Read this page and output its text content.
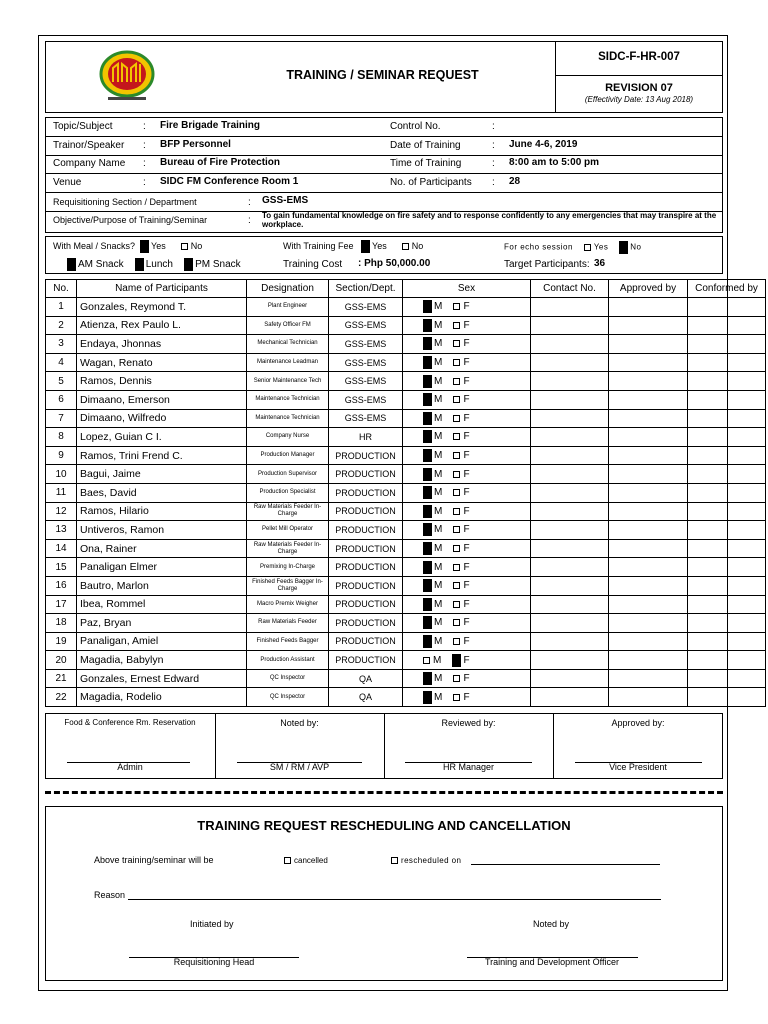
TRAINING / SEMINAR REQUEST
SIDC-F-HR-007
REVISION 07
(Effectivity Date: 13 Aug 2018)
Topic/Subject	: Fire Brigade Training
Trainor/Speaker : BFP Personnel
Company Name : Bureau of Fire Protection
Venue	: SIDC FM Conference Room 1
Requisitioning Section / Department	: GSS-EMS
Objective/Purpose of Training/Seminar	: To gain fundamental knowledge on fire safety and to response confidently to any emergencies that may transpire at the workplace.
Control No.	:
Date of Training	: June 4-6, 2019
Time of Training	: 8:00 am to 5:00 pm
No. of Participants : 28
With Meal / Snacks? Yes	No	With Training Fee Yes	No	For echo session	Yes	No
AM Snack Lunch PM Snack	Training Cost : Php 50,000.00	Target Participants: 36
No.	Name of Participants	Designation	Section/Dept.	Sex	Contact No.	Approved by	Conformed by
1	Gonzales, Reymond T.	Plant Engineer	GSS-EMS	M F			
2	Atienza, Rex Paulo L.	Safety Officer FM	GSS-EMS	M F			
3	Endaya, Jhonnas	Mechanical Technician	GSS-EMS	M F			
4	Wagan, Renato	Maintenance Leadman	GSS-EMS	M F			
5	Ramos, Dennis	Senior Maintenance Tech	GSS-EMS	M F			
6	Dimaano, Emerson	Maintenance Technician	GSS-EMS	M F			
7	Dimaano, Wilfredo	Maintenance Technician	GSS-EMS	M F			
8	Lopez, Guian C I.	Company Nurse	HR	M F			
9	Ramos, Trini Frend C.	Production Manager	PRODUCTION	M F			
10	Bagui, Jaime	Production Supervisor	PRODUCTION	M F			
11	Baes, David	Production Specialist	PRODUCTION	M F			
12	Ramos, Hilario	Raw Materials Feeder In-Charge	PRODUCTION	M F			
13	Untiveros, Ramon	Pellet Mill Operator	PRODUCTION	M F			
14	Ona, Rainer	Raw Materials Feeder In-Charge	PRODUCTION	M F			
15	Panaligan Elmer	Premixing In-Charge	PRODUCTION	M F			
16	Bautro, Marlon	Finished Feeds Bagger In-Charge	PRODUCTION	M F			
17	Ibea, Rommel	Macro Premix Weigher	PRODUCTION	M F			
18	Paz, Bryan	Raw Materials Feeder	PRODUCTION	M F			
19	Panaligan, Amiel	Finished Feeds Bagger	PRODUCTION	M F			
20	Magadia, Babylyn	Production Assistant	PRODUCTION	M F			
21	Gonzales, Ernest Edward	QC Inspector	QA	M F			
22	Magadia, Rodelio	QC Inspector	QA	M F			
Food & Conference Rm. Reservation	Noted by:	Reviewed by:	Approved by:
Admin	SM / RM / AVP	HR Manager	Vice President
TRAINING REQUEST RESCHEDULING AND CANCELLATION
Above training/seminar will be	cancelled	rescheduled on
Reason
Initiated by	Noted by
Requisitioning Head	Training and Development Officer
